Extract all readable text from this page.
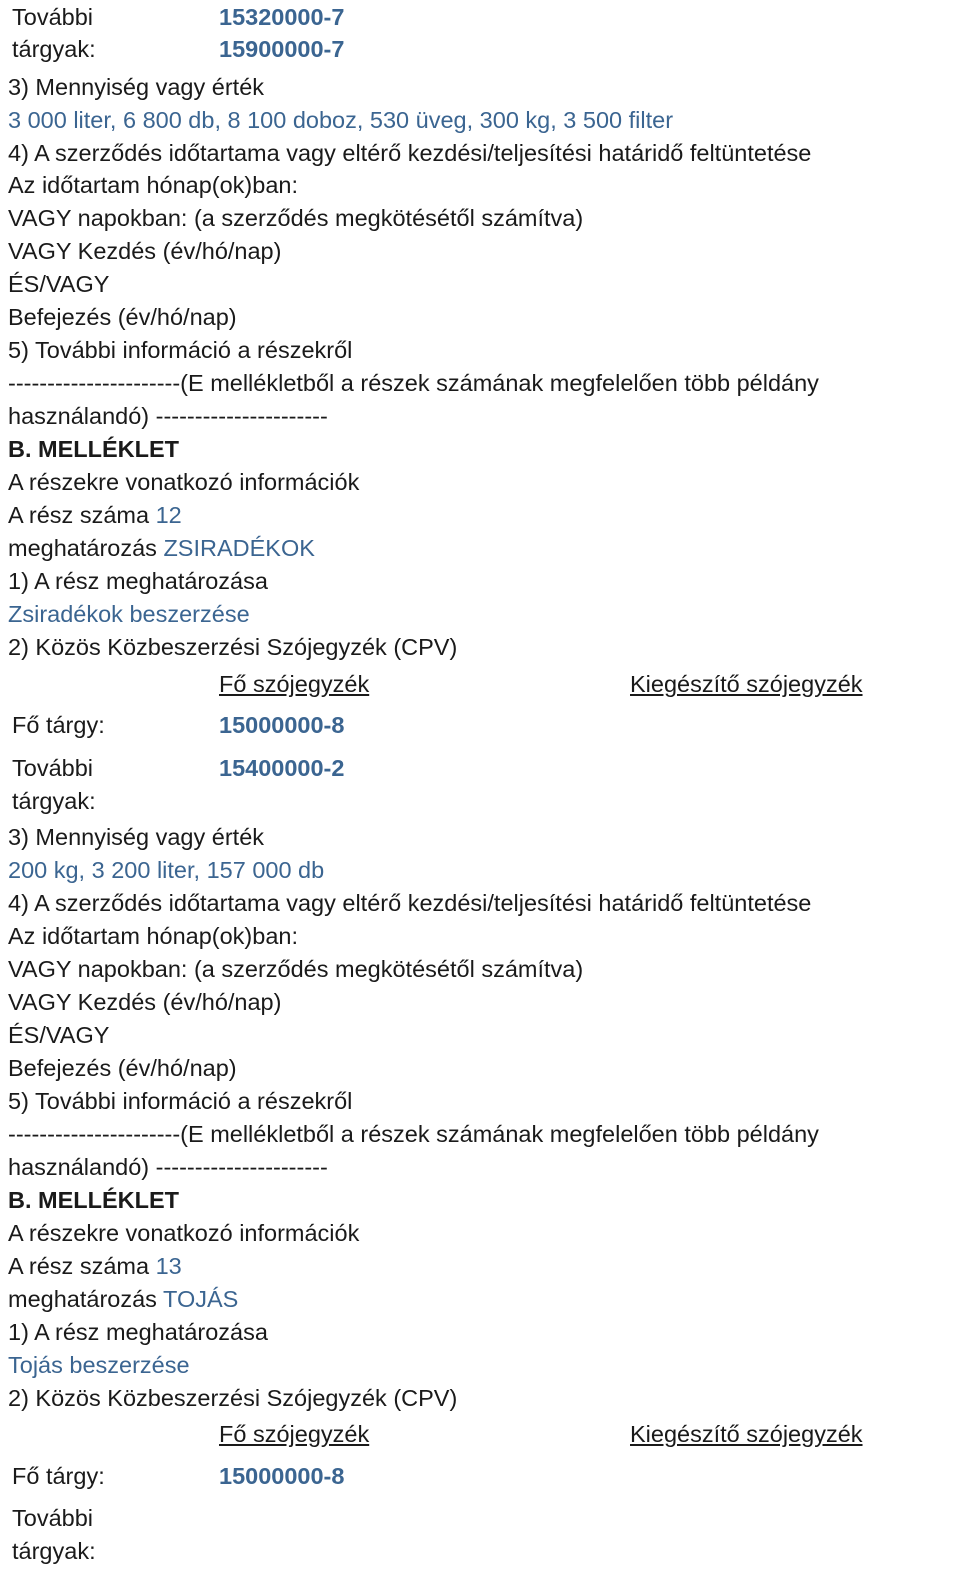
További	15320000-7
tárgyak:	15900000-7
3) Mennyiség vagy érték
3 000 liter, 6 800 db, 8 100 doboz, 530 üveg, 300 kg, 3 500 filter
4) A szerződés időtartama vagy eltérő kezdési/teljesítési határidő feltüntetése
Az időtartam hónap(ok)ban:
VAGY napokban: (a szerződés megkötésétől számítva)
VAGY Kezdés (év/hó/nap)
ÉS/VAGY
Befejezés (év/hó/nap)
5) További információ a részekről
----------------------(E mellékletből a részek számának megfelelően több példány
használandó) ----------------------
B. MELLÉKLET
A részekre vonatkozó információk
A rész száma 12
meghatározás ZSIRADÉKOK
1) A rész meghatározása
Zsiradékok beszerzése
2) Közös Közbeszerzési Szójegyzék (CPV)
Fő szójegyzék	Kiegészítő szójegyzék
Fő tárgy:	15000000-8
További	15400000-2
tárgyak:
3) Mennyiség vagy érték
200 kg, 3 200 liter, 157 000 db
4) A szerződés időtartama vagy eltérő kezdési/teljesítési határidő feltüntetése
Az időtartam hónap(ok)ban:
VAGY napokban: (a szerződés megkötésétől számítva)
VAGY Kezdés (év/hó/nap)
ÉS/VAGY
Befejezés (év/hó/nap)
5) További információ a részekről
----------------------(E mellékletből a részek számának megfelelően több példány
használandó) ----------------------
B. MELLÉKLET
A részekre vonatkozó információk
A rész száma 13
meghatározás TOJÁS
1) A rész meghatározása
Tojás beszerzése
2) Közös Közbeszerzési Szójegyzék (CPV)
Fő szójegyzék	Kiegészítő szójegyzék
Fő tárgy:	15000000-8
További
tárgyak:
